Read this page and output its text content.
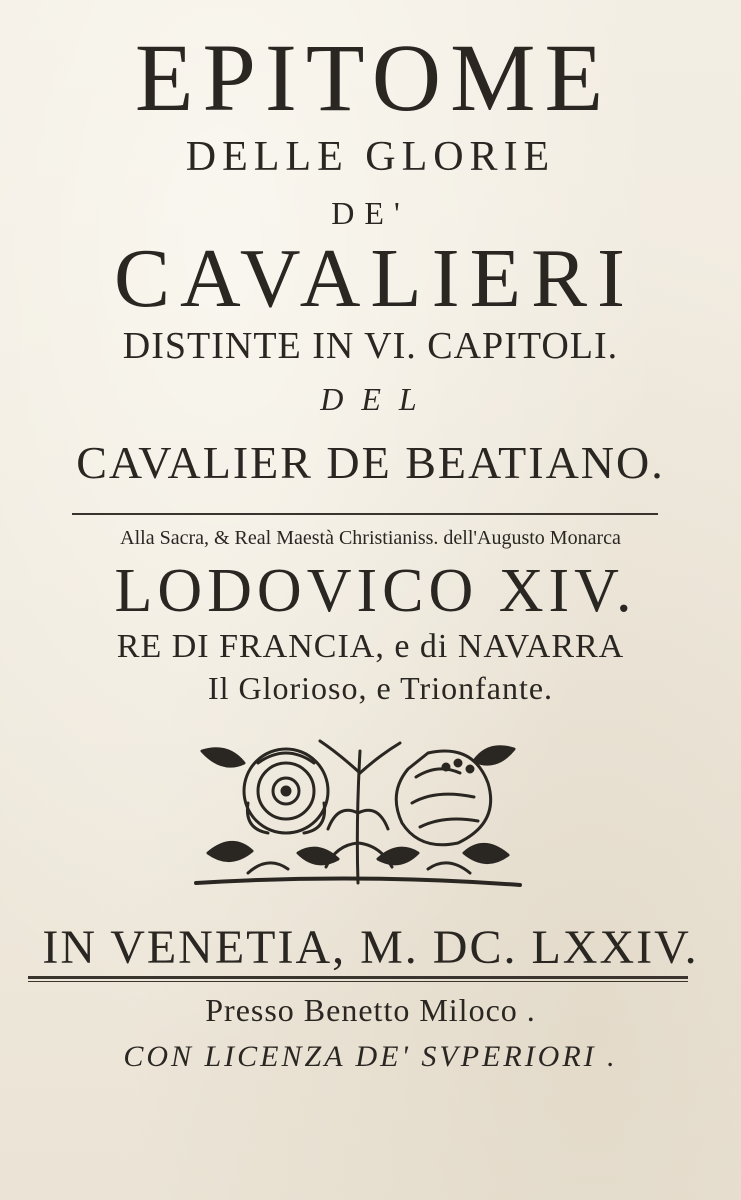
EPITOME
DELLE GLORIE
DE'
CAVALIERI
DISTINTE IN VI. CAPITOLI.
DEL
CAVALIER DE BEATIANO.
Alla Sacra, & Real Maestà Christianiss. dell'Augusto Monarca
LODOVICO XIV.
RE DI FRANCIA, e di NAVARRA
Il Glorioso, e Trionfante.
IN VENETIA, M. DC. LXXIV.
Presso Benetto Miloco .
CON LICENZA DE' SVPERIORI .
